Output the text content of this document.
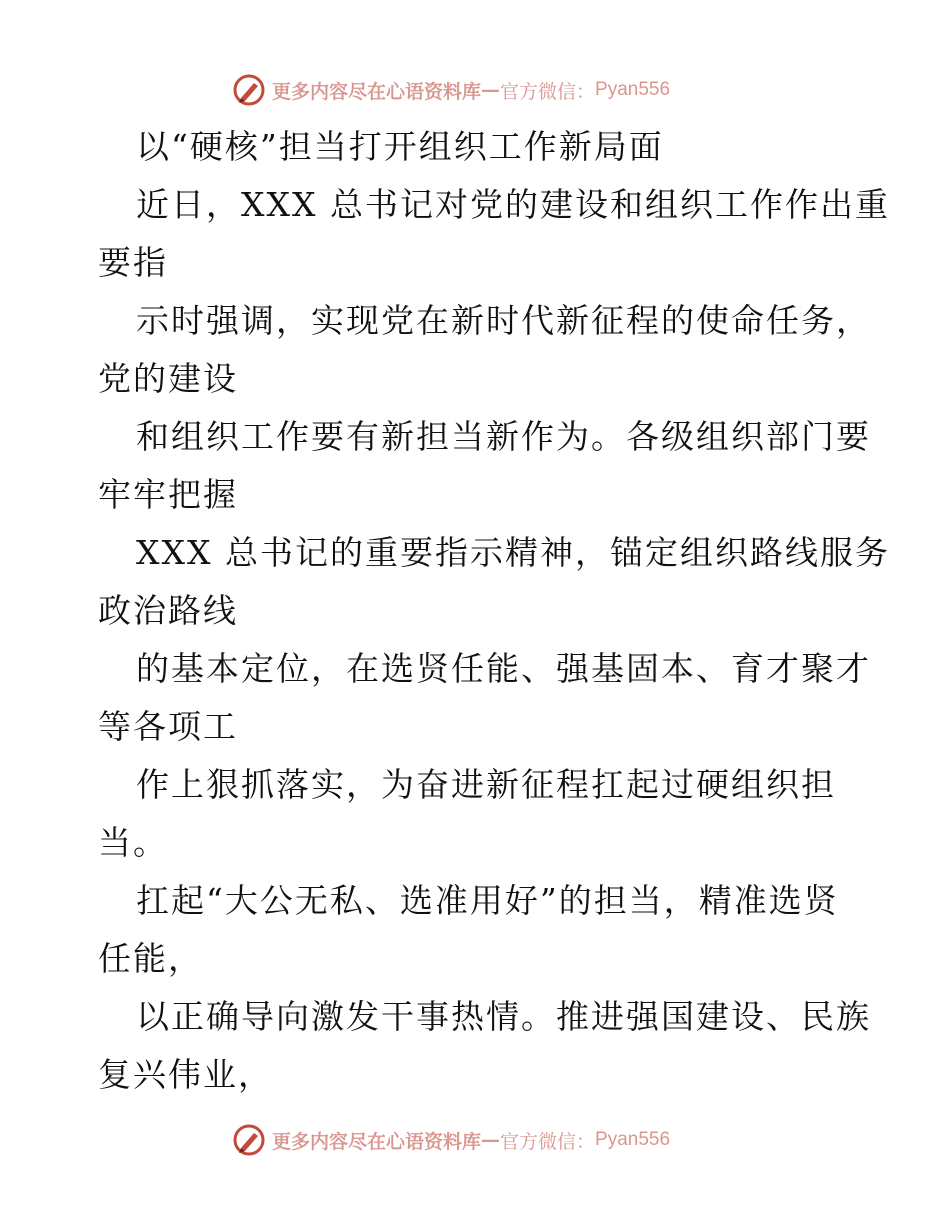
更多内容尽在心语资料库 — 官方微信： Pyan556
以“硬核”担当打开组织工作新局面
近日，XXX 总书记对党的建设和组织工作作出重
要指
示时强调，实现党在新时代新征程的使命任务，
党的建设
和组织工作要有新担当新作为。各级组织部门要
牢牢把握
XXX 总书记的重要指示精神，锚定组织路线服务
政治路线
的基本定位，在选贤任能、强基固本、育才聚才
等各项工
作上狠抓落实，为奋进新征程扛起过硬组织担
当。
扛起“大公无私、选准用好”的担当，精准选贤
任能，
以正确导向激发干事热情。推进强国建设、民族
复兴伟业，
更多内容尽在心语资料库 — 官方微信： Pyan556
